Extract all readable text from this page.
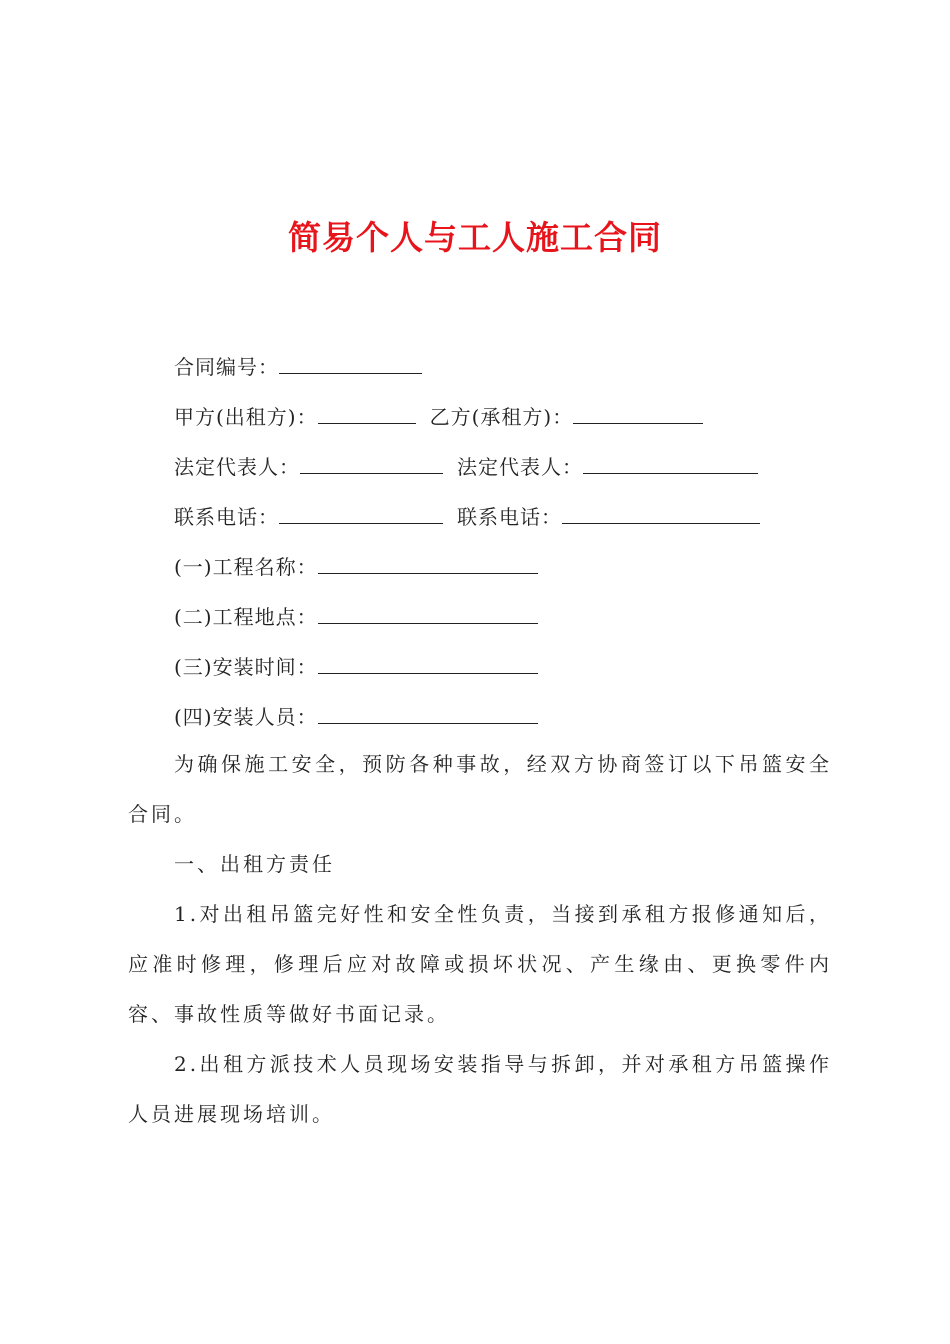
简易个人与工人施工合同
合同编号：
甲方(出租方)：	乙方(承租方)：
法定代表人：	法定代表人：
联系电话：	联系电话：
(一)工程名称：
(二)工程地点：
(三)安装时间：
(四)安装人员：
为确保施工安全，预防各种事故，经双方协商签订以下吊篮安全合同。
一、出租方责任
1.对出租吊篮完好性和安全性负责，当接到承租方报修通知后，应准时修理，修理后应对故障或损坏状况、产生缘由、更换零件内容、事故性质等做好书面记录。
2.出租方派技术人员现场安装指导与拆卸，并对承租方吊篮操作人员进展现场培训。
